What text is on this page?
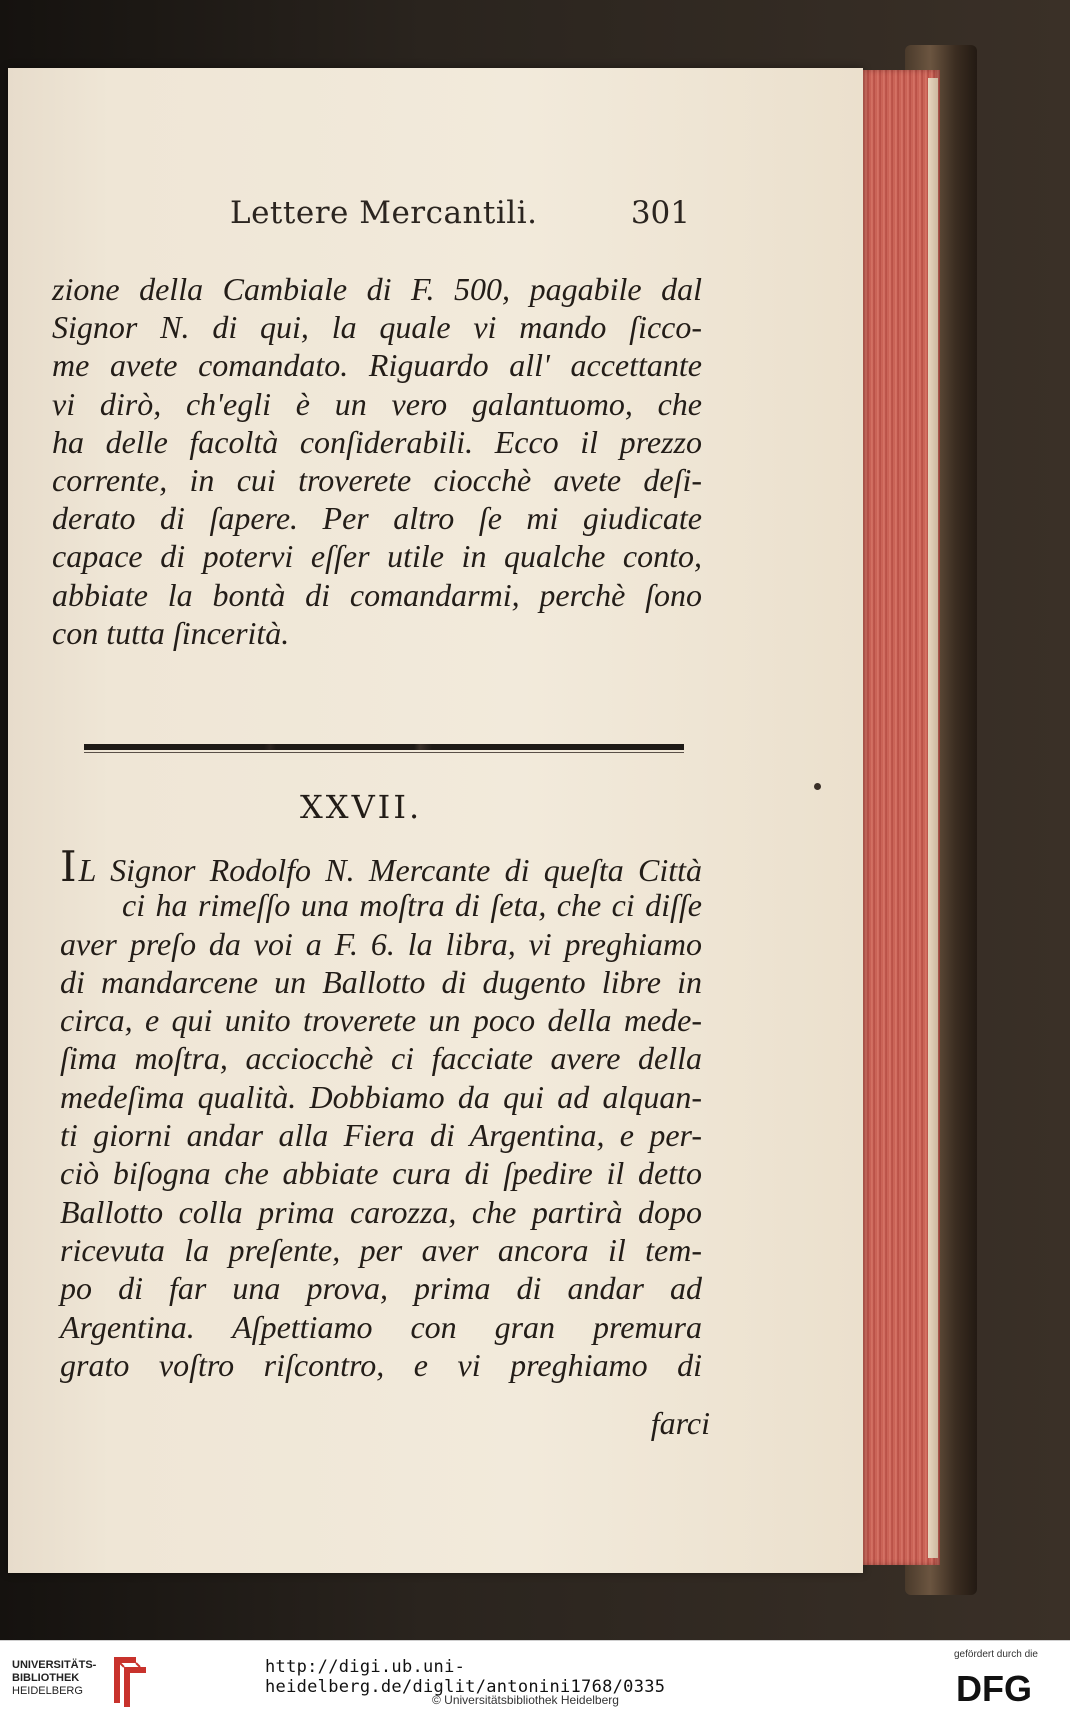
Lettere Mercantili.	301
zione della Cambiale di F. 500, pagabile dal
Signor N. di qui, la quale vi mando ſicco-
me avete comandato. Riguardo all' accettante
vi dirò, ch'egli è un vero galantuomo, che
ha delle facoltà conſiderabili. Ecco il prezzo
corrente, in cui troverete ciocchè avete deſi-
derato di ſapere. Per altro ſe mi giudicate
capace di potervi eſſer utile in qualche conto,
abbiate la bontà di comandarmi, perchè ſono
con tutta ſincerità.
XXVII.
IL Signor Rodolfo N. Mercante di queſta Città
ci ha rimeſſo una moſtra di ſeta, che ci diſſe
aver preſo da voi a F. 6. la libra, vi preghiamo
di mandarcene un Ballotto di dugento libre in
circa, e qui unito troverete un poco della mede-
ſima moſtra, acciocchè ci facciate avere della
medeſima qualità. Dobbiamo da qui ad alquan-
ti giorni andar alla Fiera di Argentina, e per-
ciò biſogna che abbiate cura di ſpedire il detto
Ballotto colla prima carozza, che partirà dopo
ricevuta la preſente, per aver ancora il tem-
po di far una prova, prima di andar ad
Argentina. Aſpettiamo con gran premura
grato voſtro riſcontro, e vi preghiamo di
farci
UNIVERSITÄTS-
BIBLIOTHEK
HEIDELBERG
http://digi.ub.uni-heidelberg.de/diglit/antonini1768/0335
© Universitätsbibliothek Heidelberg
gefördert durch die
DFG
